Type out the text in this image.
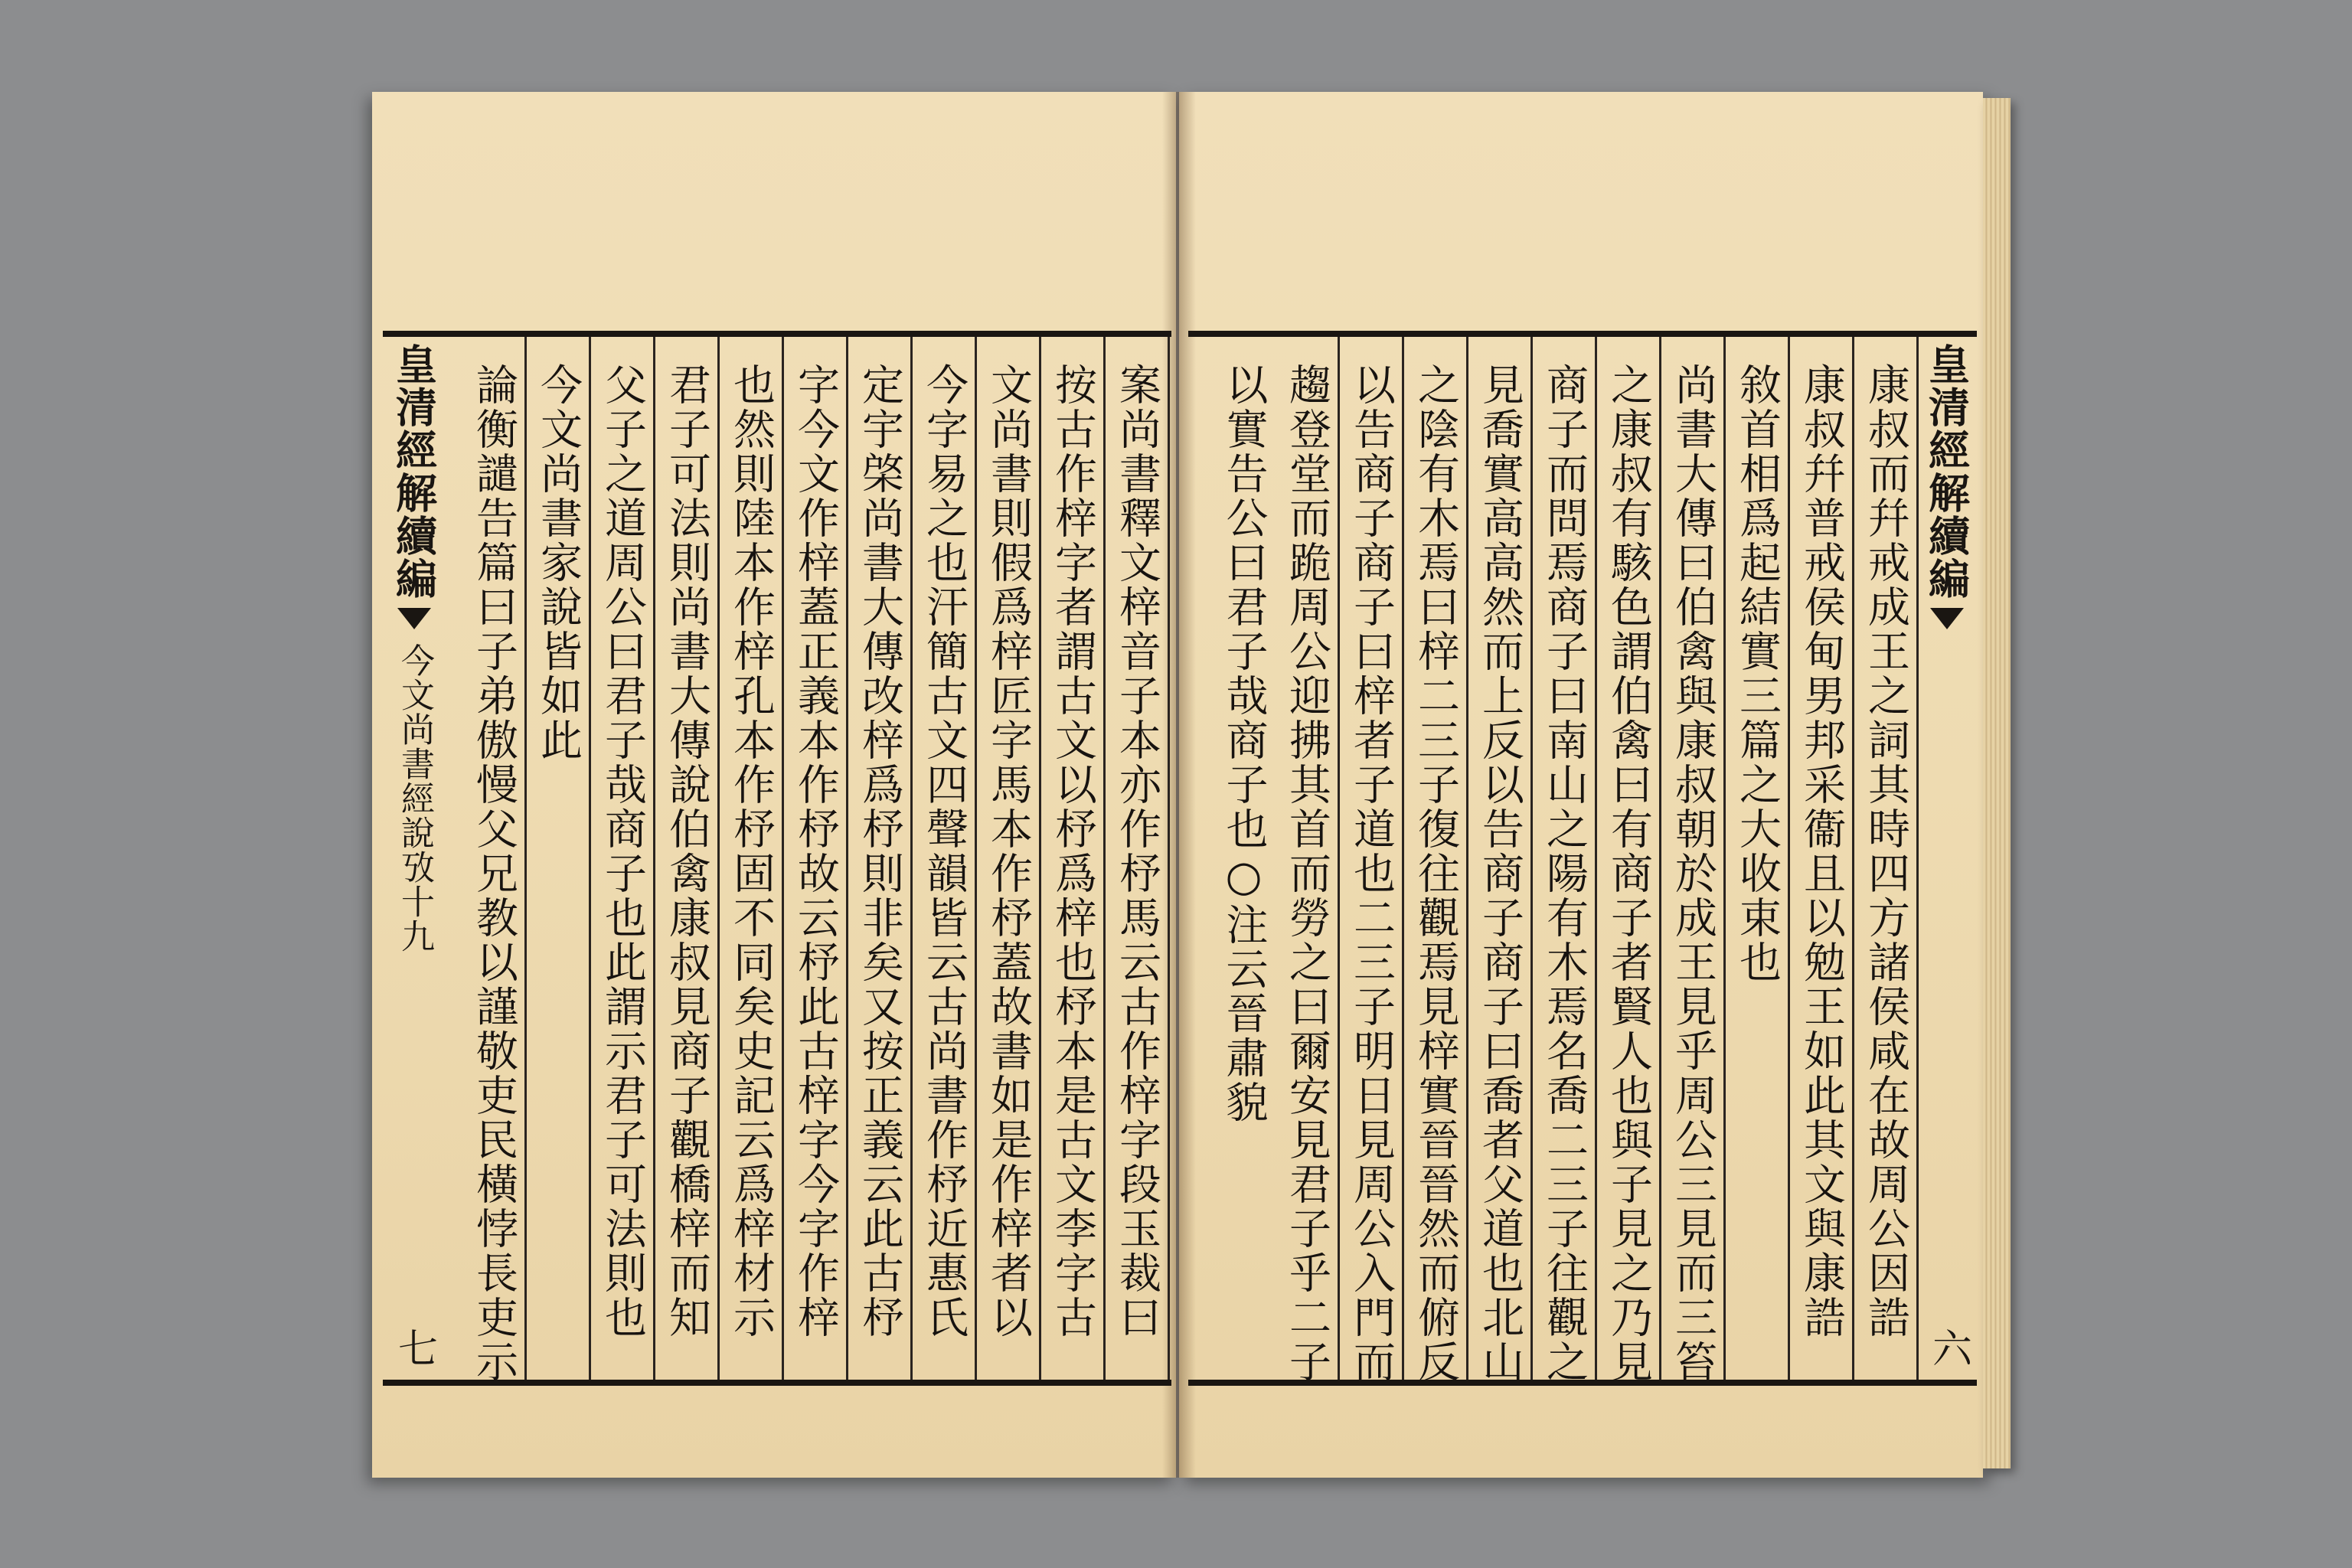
案尚書釋文梓音子本亦作杼馬云古作梓字段玉裁曰
按古作梓字者謂古文以杼爲梓也杼本是古文李字古
文尚書則假爲梓匠字馬本作杼蓋故書如是作梓者以
今字易之也汗簡古文四聲韻皆云古尚書作杼近惠氏
定宇棨尚書大傳改梓爲杼則非矣又按正義云此古杼
字今文作梓蓋正義本作杼故云杼此古梓字今字作梓
也然則陸本作梓孔本作杼固不同矣史記云爲梓材示
君子可法則尚書大傳說伯禽康叔見商子觀橋梓而知
父子之道周公曰君子哉商子也此謂示君子可法則也
今文尚書家說皆如此
論衡譴告篇曰子弟傲慢父兄教以謹敬吏民橫悖長吏示
皇清經解續編
今文尚書經說攷十九
七
皇清經解續編
六
康叔而幷戒成王之詞其時四方諸侯咸在故周公因誥
康叔幷普戒侯甸男邦采衞且以勉王如此其文與康誥
敘首相爲起結實三篇之大收束也
尚書大傳曰伯禽與康叔朝於成王見乎周公三見而三笞
之康叔有駭色謂伯禽曰有商子者賢人也與子見之乃見
商子而問焉商子曰南山之陽有木焉名喬二三子往觀之
見喬實高高然而上反以告商子商子曰喬者父道也北山
之陰有木焉曰梓二三子復往觀焉見梓實晉晉然而俯反
以告商子商子曰梓者子道也二三子明日見周公入門而
趨登堂而跪周公迎拂其首而勞之曰爾安見君子乎二子
以實告公曰君子哉商子也○注云晉肅貌
